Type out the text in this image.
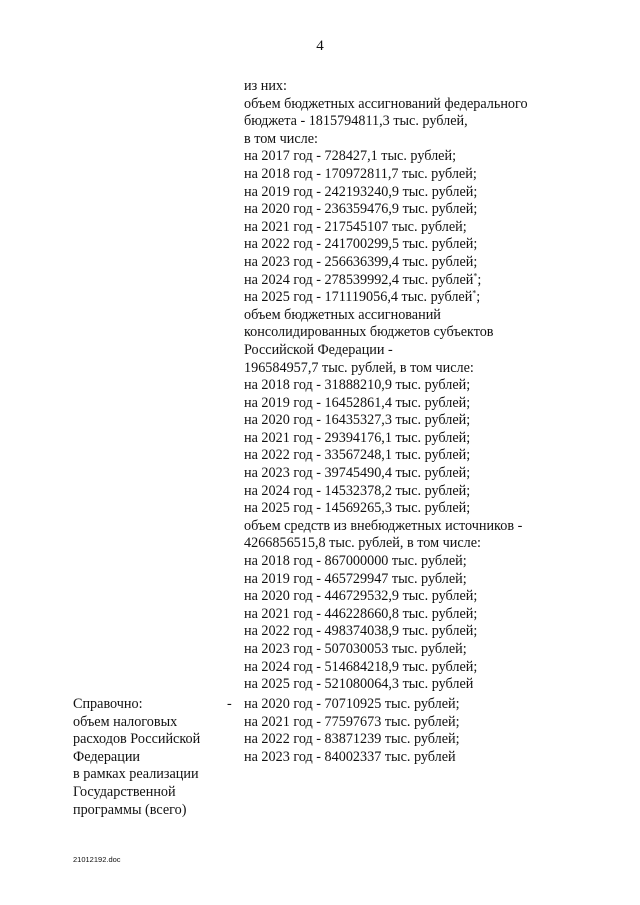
4
из них:
объем бюджетных ассигнований федерального
бюджета - 1815794811,3 тыс. рублей,
в том числе:
на 2017 год - 728427,1 тыс. рублей;
на 2018 год - 170972811,7 тыс. рублей;
на 2019 год - 242193240,9 тыс. рублей;
на 2020 год - 236359476,9 тыс. рублей;
на 2021 год - 217545107 тыс. рублей;
на 2022 год - 241700299,5 тыс. рублей;
на 2023 год - 256636399,4 тыс. рублей;
на 2024 год - 278539992,4 тыс. рублей*;
на 2025 год - 171119056,4 тыс. рублей*;
объем бюджетных ассигнований
консолидированных бюджетов субъектов
Российской Федерации -
196584957,7 тыс. рублей, в том числе:
на 2018 год - 31888210,9 тыс. рублей;
на 2019 год - 16452861,4 тыс. рублей;
на 2020 год - 16435327,3 тыс. рублей;
на 2021 год - 29394176,1 тыс. рублей;
на 2022 год - 33567248,1 тыс. рублей;
на 2023 год - 39745490,4 тыс. рублей;
на 2024 год - 14532378,2 тыс. рублей;
на 2025 год - 14569265,3 тыс. рублей;
объем средств из внебюджетных источников -
4266856515,8 тыс. рублей, в том числе:
на 2018 год - 867000000 тыс. рублей;
на 2019 год - 465729947 тыс. рублей;
на 2020 год - 446729532,9 тыс. рублей;
на 2021 год - 446228660,8 тыс. рублей;
на 2022 год - 498374038,9 тыс. рублей;
на 2023 год - 507030053 тыс. рублей;
на 2024 год - 514684218,9 тыс. рублей;
на 2025 год - 521080064,3 тыс. рублей
Справочно:
объем налоговых
расходов Российской
Федерации
в рамках реализации
Государственной
программы (всего)
- на 2020 год - 70710925 тыс. рублей;
на 2021 год - 77597673 тыс. рублей;
на 2022 год - 83871239 тыс. рублей;
на 2023 год - 84002337 тыс. рублей
21012192.doc
